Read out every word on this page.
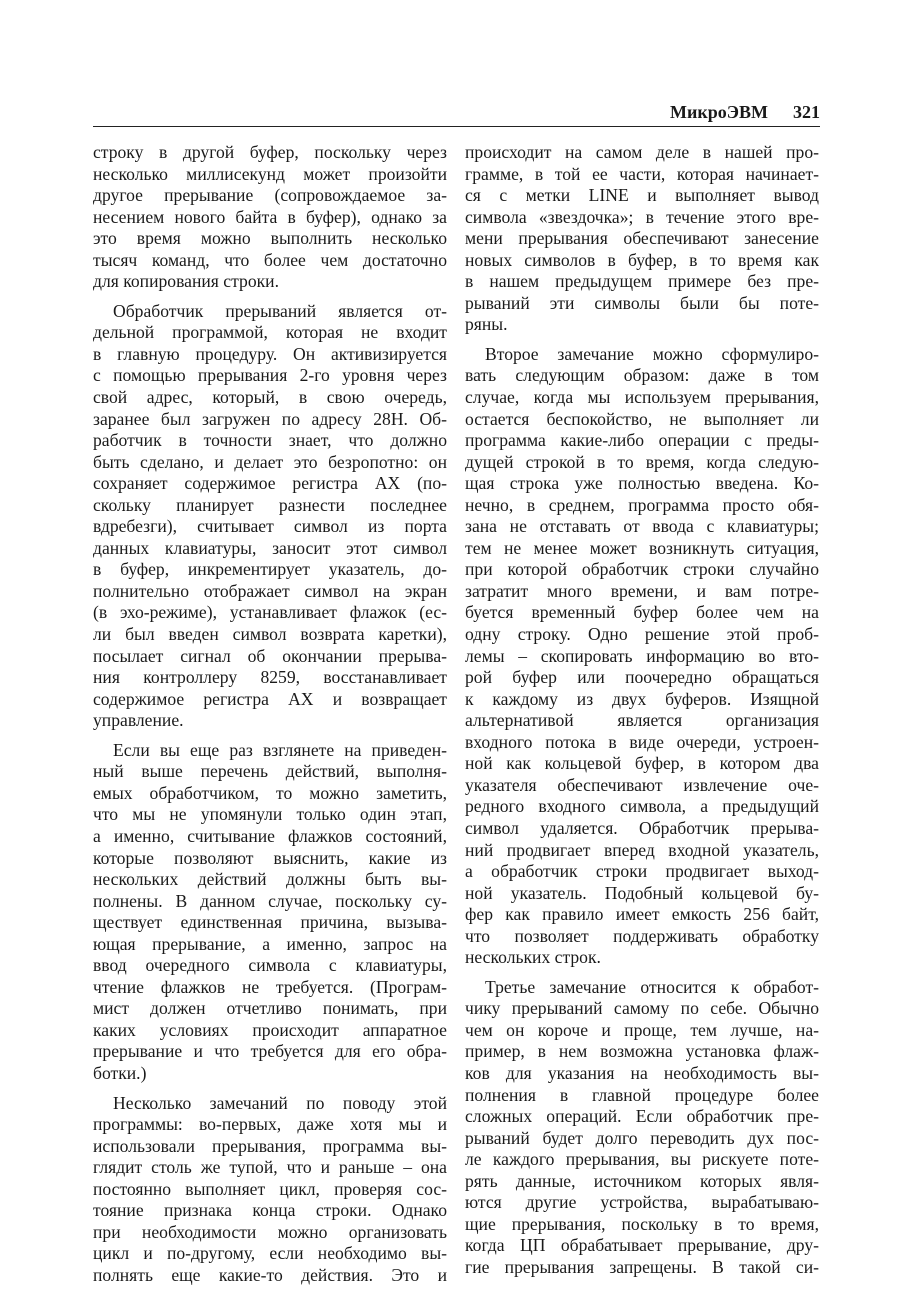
МикроЭВМ 321
строку в другой буфер, поскольку через
несколько миллисекунд может произойти
другое прерывание (сопровождаемое за-
несением нового байта в буфер), однако за
это время можно выполнить несколько
тысяч команд, что более чем достаточно
для копирования строки.
Обработчик прерываний является от-
дельной программой, которая не входит
в главную процедуру. Он активизируется
с помощью прерывания 2-го уровня через
свой адрес, который, в свою очередь,
заранее был загружен по адресу 28Н. Об-
работчик в точности знает, что должно
быть сделано, и делает это безропотно: он
сохраняет содержимое регистра АХ (по-
скольку планирует разнести последнее
вдребезги), считывает символ из порта
данных клавиатуры, заносит этот символ
в буфер, инкрементирует указатель, до-
полнительно отображает символ на экран
(в эхо-режиме), устанавливает флажок (ес-
ли был введен символ возврата каретки),
посылает сигнал об окончании прерыва-
ния контроллеру 8259, восстанавливает
содержимое регистра АХ и возвращает
управление.
Если вы еще раз взглянете на приведен-
ный выше перечень действий, выполня-
емых обработчиком, то можно заметить,
что мы не упомянули только один этап,
а именно, считывание флажков состояний,
которые позволяют выяснить, какие из
нескольких действий должны быть вы-
полнены. В данном случае, поскольку су-
ществует единственная причина, вызыва-
ющая прерывание, а именно, запрос на
ввод очередного символа с клавиатуры,
чтение флажков не требуется. (Програм-
мист должен отчетливо понимать, при
каких условиях происходит аппаратное
прерывание и что требуется для его обра-
ботки.)
Несколько замечаний по поводу этой
программы: во-первых, даже хотя мы и
использовали прерывания, программа вы-
глядит столь же тупой, что и раньше – она
постоянно выполняет цикл, проверяя сос-
тояние признака конца строки. Однако
при необходимости можно организовать
цикл и по-другому, если необходимо вы-
полнять еще какие-то действия. Это и
происходит на самом деле в нашей про-
грамме, в той ее части, которая начинает-
ся с метки LINE и выполняет вывод
символа «звездочка»; в течение этого вре-
мени прерывания обеспечивают занесение
новых символов в буфер, в то время как
в нашем предыдущем примере без пре-
рываний эти символы были бы поте-
ряны.
Второе замечание можно сформулиро-
вать следующим образом: даже в том
случае, когда мы используем прерывания,
остается беспокойство, не выполняет ли
программа какие-либо операции с преды-
дущей строкой в то время, когда следую-
щая строка уже полностью введена. Ко-
нечно, в среднем, программа просто обя-
зана не отставать от ввода с клавиатуры;
тем не менее может возникнуть ситуация,
при которой обработчик строки случайно
затратит много времени, и вам потре-
буется временный буфер более чем на
одну строку. Одно решение этой проб-
лемы – скопировать информацию во вто-
рой буфер или поочередно обращаться
к каждому из двух буферов. Изящной
альтернативой является организация
входного потока в виде очереди, устроен-
ной как кольцевой буфер, в котором два
указателя обеспечивают извлечение оче-
редного входного символа, а предыдущий
символ удаляется. Обработчик прерыва-
ний продвигает вперед входной указатель,
а обработчик строки продвигает выход-
ной указатель. Подобный кольцевой бу-
фер как правило имеет емкость 256 байт,
что позволяет поддерживать обработку
нескольких строк.
Третье замечание относится к обработ-
чику прерываний самому по себе. Обычно
чем он короче и проще, тем лучше, на-
пример, в нем возможна установка флаж-
ков для указания на необходимость вы-
полнения в главной процедуре более
сложных операций. Если обработчик пре-
рываний будет долго переводить дух пос-
ле каждого прерывания, вы рискуете поте-
рять данные, источником которых явля-
ются другие устройства, вырабатываю-
щие прерывания, поскольку в то время,
когда ЦП обрабатывает прерывание, дру-
гие прерывания запрещены. В такой си-
